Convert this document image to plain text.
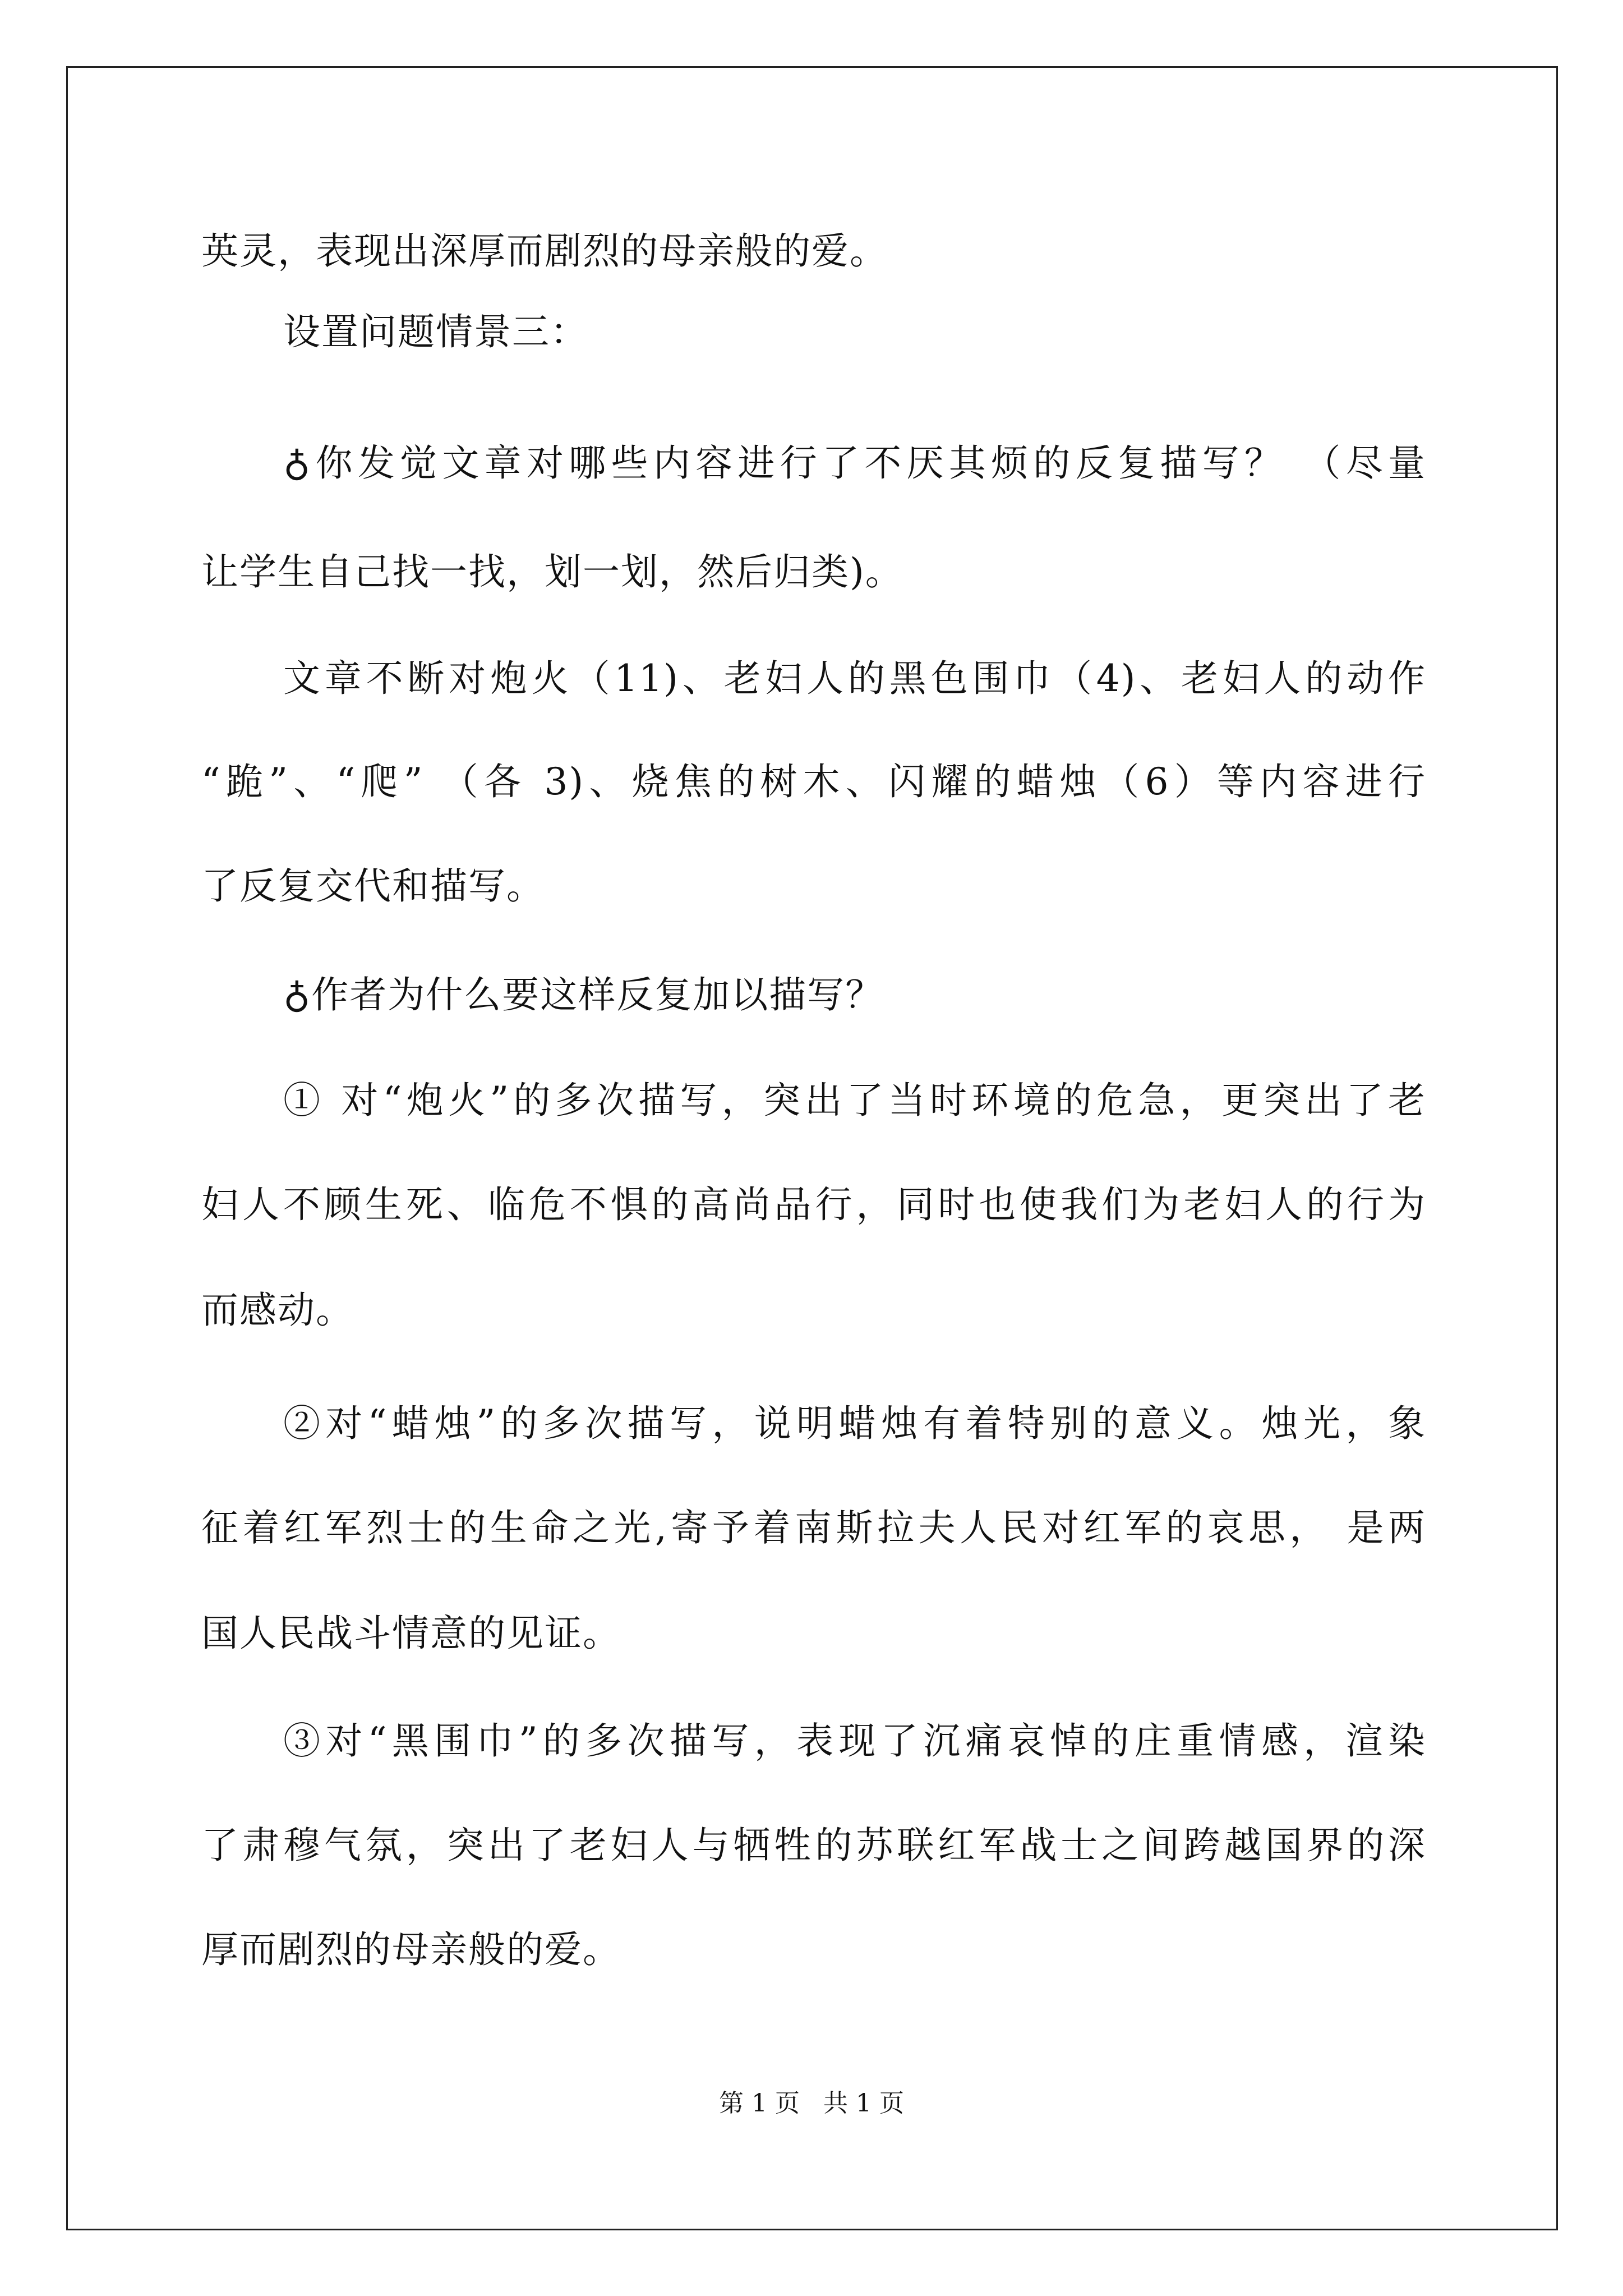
英灵，表现出深厚而剧烈的母亲般的爱。
设置问题情景三：
♁你发觉文章对哪些内容进行了不厌其烦的反复描写？ （尽量
让学生自己找一找，划一划，然后归类)。
文章不断对炮火（11)、老妇人的黑色围巾（4)、老妇人的动作
“跪”、“爬” （各 3)、烧焦的树木、闪耀的蜡烛（6）等内容进行
了反复交代和描写。
♁作者为什么要这样反复加以描写？
① 对“炮火”的多次描写，突出了当时环境的危急，更突出了老
妇人不顾生死、临危不惧的高尚品行，同时也使我们为老妇人的行为
而感动。
②对“蜡烛”的多次描写，说明蜡烛有着特别的意义。烛光，象
征着红军烈士的生命之光,寄予着南斯拉夫人民对红军的哀思， 是两
国人民战斗情意的见证。
③对“黑围巾”的多次描写，表现了沉痛哀悼的庄重情感，渲染
了肃穆气氛，突出了老妇人与牺牲的苏联红军战士之间跨越国界的深
厚而剧烈的母亲般的爱。
第 1 页   共 1 页
